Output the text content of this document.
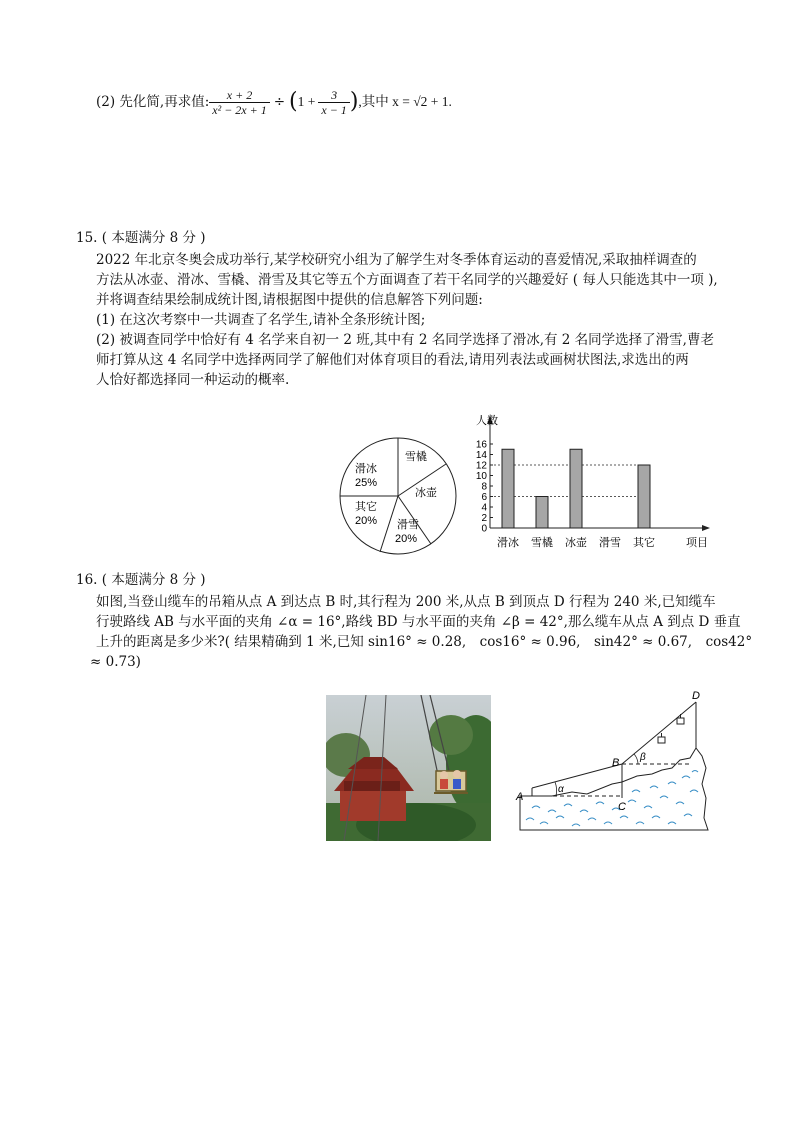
(2) 先化简,再求值: $\frac{x + 2}{\text{x² − 2x + 1}}$ ÷ ( $1 + \frac{3}{x - 1}$ ) ,其中 x = √2 + 1.
15. ( 本题满分 8 分 )
2022 年北京冬奥会成功举行,某学校研究小组为了解学生对冬季体育运动的喜爱情况,采取抽样调查的
方法从冰壶、滑冰、雪橇、滑雪及其它等五个方面调查了若干名同学的兴趣爱好 ( 每人只能选其中一项 ),
并将调查结果绘制成统计图,请根据图中提供的信息解答下列问题:
(1) 在这次考察中一共调查了名学生,请补全条形统计图;
(2) 被调查同学中恰好有 4 名学来自初一 2 班,其中有 2 名同学选择了滑冰,有 2 名同学选择了滑雪,曹老
师打算从这 4 名同学中选择两同学了解他们对体育项目的看法,请用列表法或画树状图法,求选出的两
人恰好都选择同一种运动的概率.
滑冰
25%
雪橇
冰壶
滑雪
20%
其它
20%
人数
项目
0
2
4
6
8
10
12
14
16
滑冰 雪橇 冰壶 滑雪 其它
16. ( 本题满分 8 分 )
如图,当登山缆车的吊箱从点 A 到达点 B 时,其行程为 200 米,从点 B 到顶点 D 行程为 240 米,已知缆车
行驶路线 AB 与水平面的夹角 ∠α = 16°,路线 BD 与水平面的夹角 ∠β = 42°,那么缆车从点 A 到点 D 垂直
上升的距离是多少米?( 结果精确到 1 米,已知 sin16° ≈ 0.28,　cos16° ≈ 0.96,　sin42° ≈ 0.67,　cos42°
≈ 0.73)
A
B
C
D
α
β
